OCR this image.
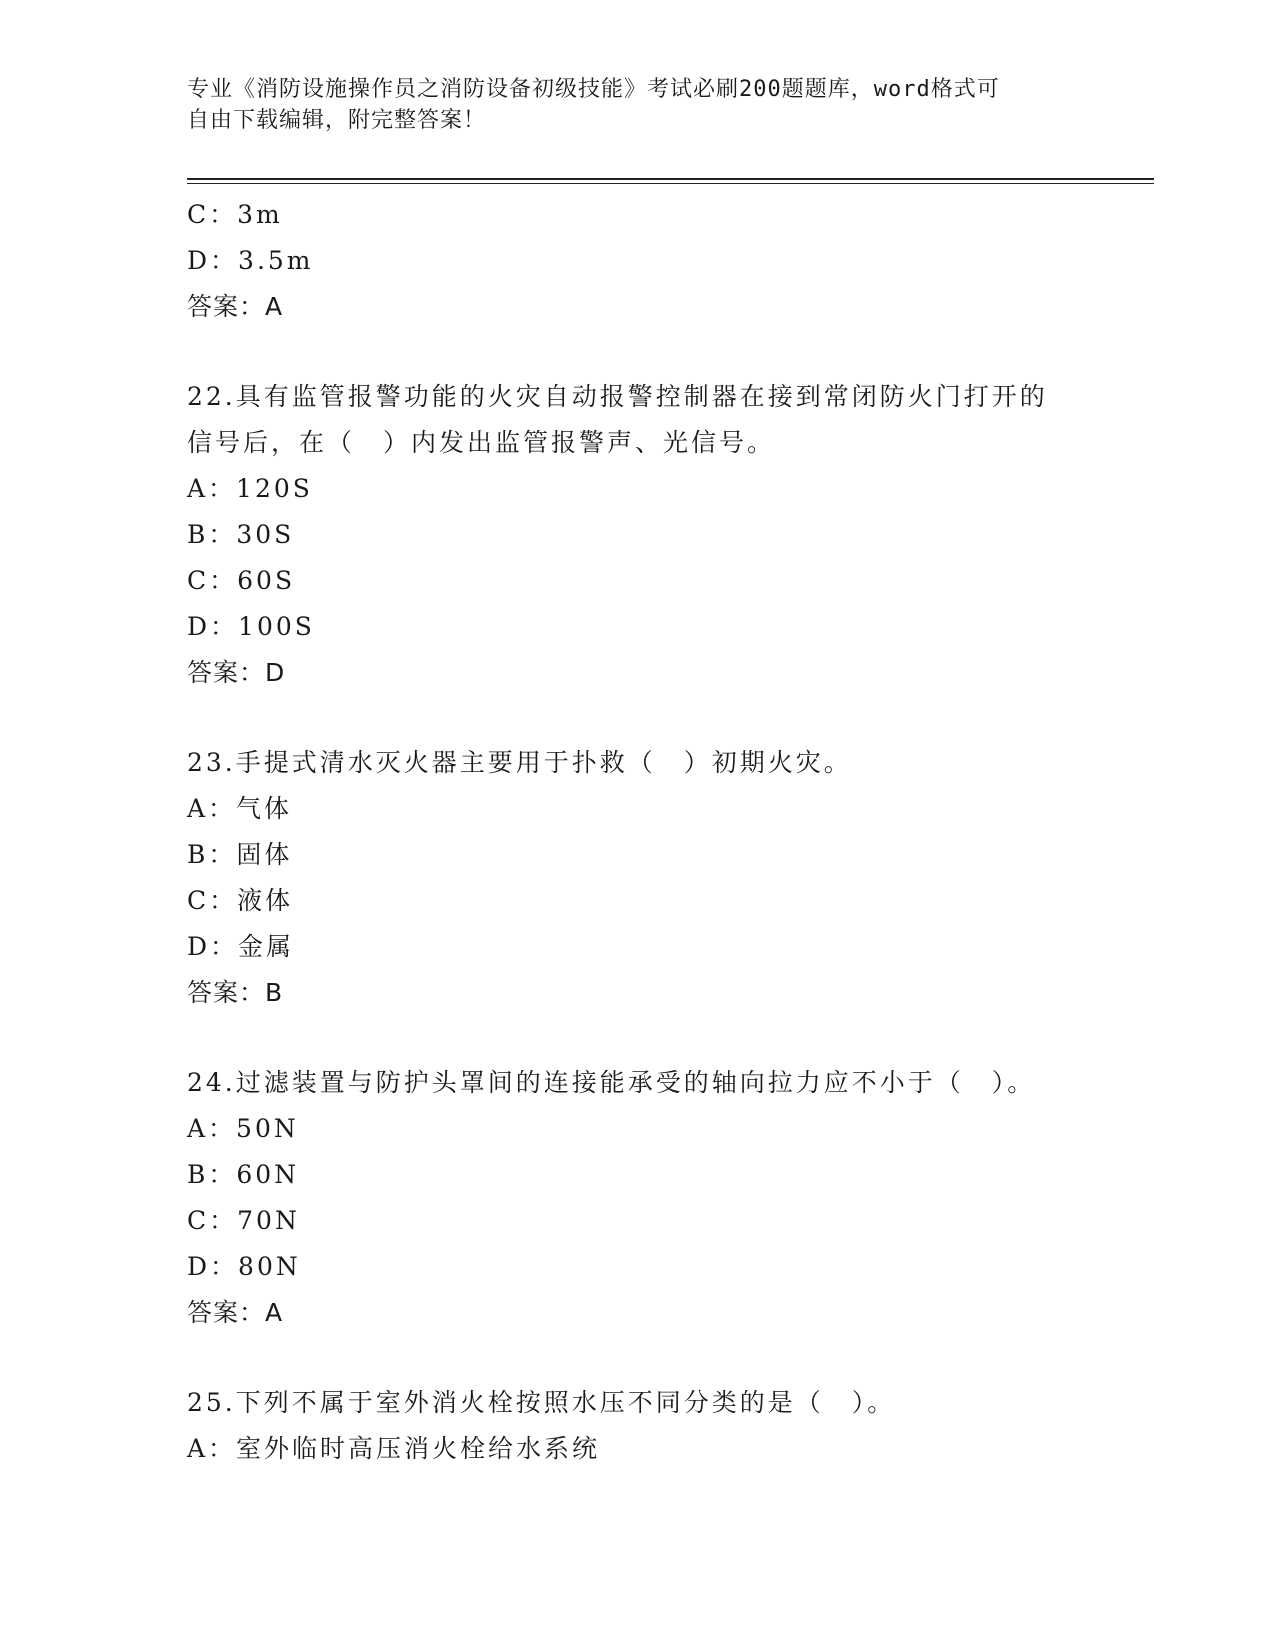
专业《消防设施操作员之消防设备初级技能》考试必刷200题题库，word格式可
自由下载编辑，附完整答案！
C：3m
D：3.5m
答案：A
22.具有监管报警功能的火灾自动报警控制器在接到常闭防火门打开的
信号后，在（　）内发出监管报警声、光信号。
A：120S
B：30S
C：60S
D：100S
答案：D
23.手提式清水灭火器主要用于扑救（　）初期火灾。
A：气体
B：固体
C：液体
D：金属
答案：B
24.过滤装置与防护头罩间的连接能承受的轴向拉力应不小于（　）。
A：50N
B：60N
C：70N
D：80N
答案：A
25.下列不属于室外消火栓按照水压不同分类的是（　）。
A：室外临时高压消火栓给水系统
